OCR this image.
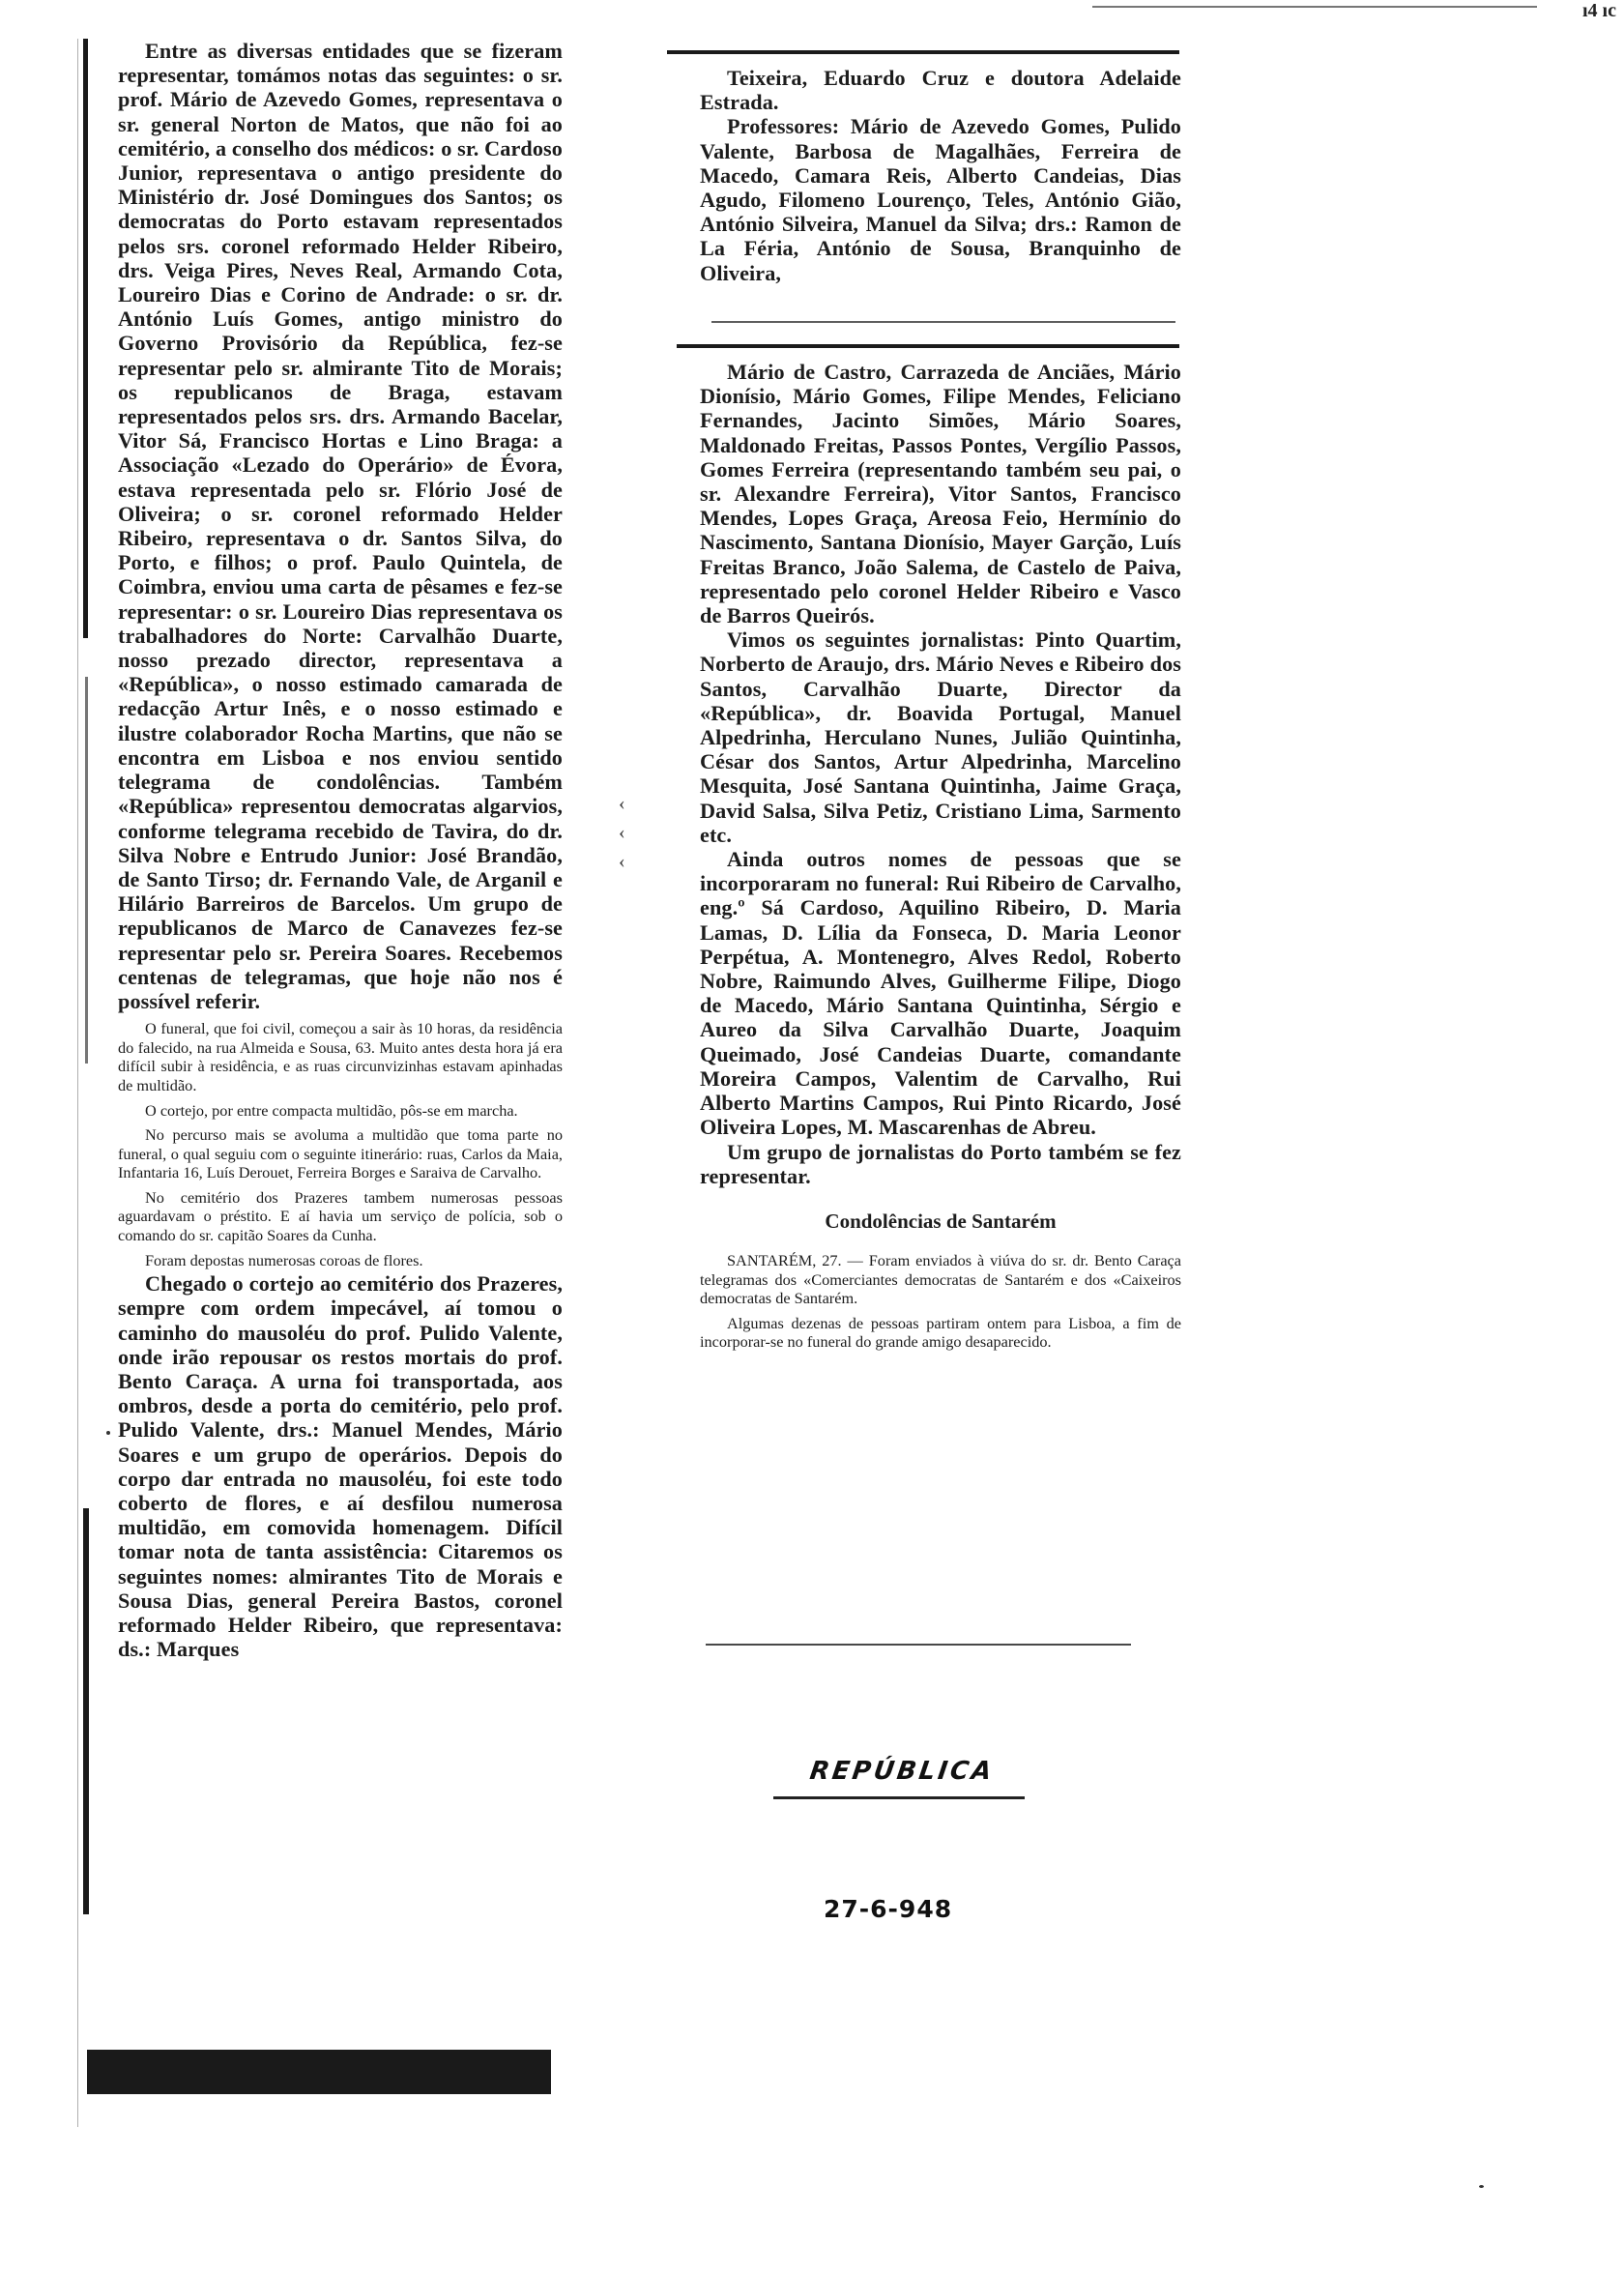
ı4 ıc

Entre as diversas entidades que se fizeram representar, tomámos notas das seguintes: o sr. prof. Mário de Azevedo Gomes, representava o sr. general Norton de Matos, que não foi ao cemitério, a conselho dos médicos: o sr. Cardoso Junior, representava o antigo presidente do Ministério dr. José Domingues dos Santos; os democratas do Porto estavam representados pelos srs. coronel reformado Helder Ribeiro, drs. Veiga Pires, Neves Real, Armando Cota, Loureiro Dias e Corino de Andrade: o sr. dr. António Luís Gomes, antigo ministro do Governo Provisório da República, fez-se representar pelo sr. almirante Tito de Morais; os republicanos de Braga, estavam representados pelos srs. drs. Armando Bacelar, Vitor Sá, Francisco Hortas e Lino Braga: a Associação «Lezado do Operário» de Évora, estava representada pelo sr. Flório José de Oliveira; o sr. coronel reformado Helder Ribeiro, representava o dr. Santos Silva, do Porto, e filhos; o prof. Paulo Quintela, de Coimbra, enviou uma carta de pêsames e fez-se representar: o sr. Loureiro Dias representava os trabalhadores do Norte: Carvalhão Duarte, nosso prezado director, representava a «República», o nosso estimado camarada de redacção Artur Inês, e o nosso estimado e ilustre colaborador Rocha Martins, que não se encontra em Lisboa e nos enviou sentido telegrama de condolências. Também «República» representou democratas algarvios, conforme telegrama recebido de Tavira, do dr. Silva Nobre e Entrudo Junior: José Brandão, de Santo Tirso; dr. Fernando Vale, de Arganil e Hilário Barreiros de Barcelos. Um grupo de republicanos de Marco de Canavezes fez-se representar pelo sr. Pereira Soares. Recebemos centenas de telegramas, que hoje não nos é possível referir.

O funeral, que foi civil, começou a sair às 10 horas, da residência do falecido, na rua Almeida e Sousa, 63. Muito antes desta hora já era difícil subir à residência, e as ruas circunvizinhas estavam apinhadas de multidão.

O cortejo, por entre compacta multidão, pôs-se em marcha.

No percurso mais se avoluma a multidão que toma parte no funeral, o qual seguiu com o seguinte itinerário: ruas, Carlos da Maia, Infantaria 16, Luís Derouet, Ferreira Borges e Saraiva de Carvalho.

No cemitério dos Prazeres tambem numerosas pessoas aguardavam o préstito. E aí havia um serviço de polícia, sob o comando do sr. capitão Soares da Cunha.

Foram depostas numerosas coroas de flores.

Chegado o cortejo ao cemitério dos Prazeres, sempre com ordem impecável, aí tomou o caminho do mausoléu do prof. Pulido Valente, onde irão repousar os restos mortais do prof. Bento Caraça. A urna foi transportada, aos ombros, desde a porta do cemitério, pelo prof. Pulido Valente, drs.: Manuel Mendes, Mário Soares e um grupo de operários. Depois do corpo dar entrada no mausoléu, foi este todo coberto de flores, e aí desfilou numerosa multidão, em comovida homenagem. Difícil tomar nota de tanta assistência: Citaremos os seguintes nomes: almirantes Tito de Morais e Sousa Dias, general Pereira Bastos, coronel reformado Helder Ribeiro, que representava: ds.: Marques

Teixeira, Eduardo Cruz e doutora Adelaide Estrada.

Professores: Mário de Azevedo Gomes, Pulido Valente, Barbosa de Magalhães, Ferreira de Macedo, Camara Reis, Alberto Candeias, Dias Agudo, Filomeno Lourenço, Teles, António Gião, António Silveira, Manuel da Silva; drs.: Ramon de La Féria, António de Sousa, Branquinho de Oliveira,

Mário de Castro, Carrazeda de Anciães, Mário Dionísio, Mário Gomes, Filipe Mendes, Feliciano Fernandes, Jacinto Simões, Mário Soares, Maldonado Freitas, Passos Pontes, Vergílio Passos, Gomes Ferreira (representando também seu pai, o sr. Alexandre Ferreira), Vitor Santos, Francisco Mendes, Lopes Graça, Areosa Feio, Hermínio do Nascimento, Santana Dionísio, Mayer Garção, Luís Freitas Branco, João Salema, de Castelo de Paiva, representado pelo coronel Helder Ribeiro e Vasco de Barros Queirós.

Vimos os seguintes jornalistas: Pinto Quartim, Norberto de Araujo, drs. Mário Neves e Ribeiro dos Santos, Carvalhão Duarte, Director da «República», dr. Boavida Portugal, Manuel Alpedrinha, Herculano Nunes, Julião Quintinha, César dos Santos, Artur Alpedrinha, Marcelino Mesquita, José Santana Quintinha, Jaime Graça, David Salsa, Silva Petiz, Cristiano Lima, Sarmento etc.

Ainda outros nomes de pessoas que se incorporaram no funeral: Rui Ribeiro de Carvalho, eng.º Sá Cardoso, Aquilino Ribeiro, D. Maria Lamas, D. Lília da Fonseca, D. Maria Leonor Perpétua, A. Montenegro, Alves Redol, Roberto Nobre, Raimundo Alves, Guilherme Filipe, Diogo de Macedo, Mário Santana Quintinha, Sérgio e Aureo da Silva Carvalhão Duarte, Joaquim Queimado, José Candeias Duarte, comandante Moreira Campos, Valentim de Carvalho, Rui Alberto Martins Campos, Rui Pinto Ricardo, José Oliveira Lopes, M. Mascarenhas de Abreu.

Um grupo de jornalistas do Porto também se fez representar.

Condolências de Santarém

SANTARÉM, 27. — Foram enviados à viúva do sr. dr. Bento Caraça telegramas dos «Comerciantes democratas de Santarém e dos «Caixeiros democratas de Santarém.

Algumas dezenas de pessoas partiram ontem para Lisboa, a fim de incorporar-se no funeral do grande amigo desaparecido.

‹
‹
‹
REPÚBLICA
27-6-948
